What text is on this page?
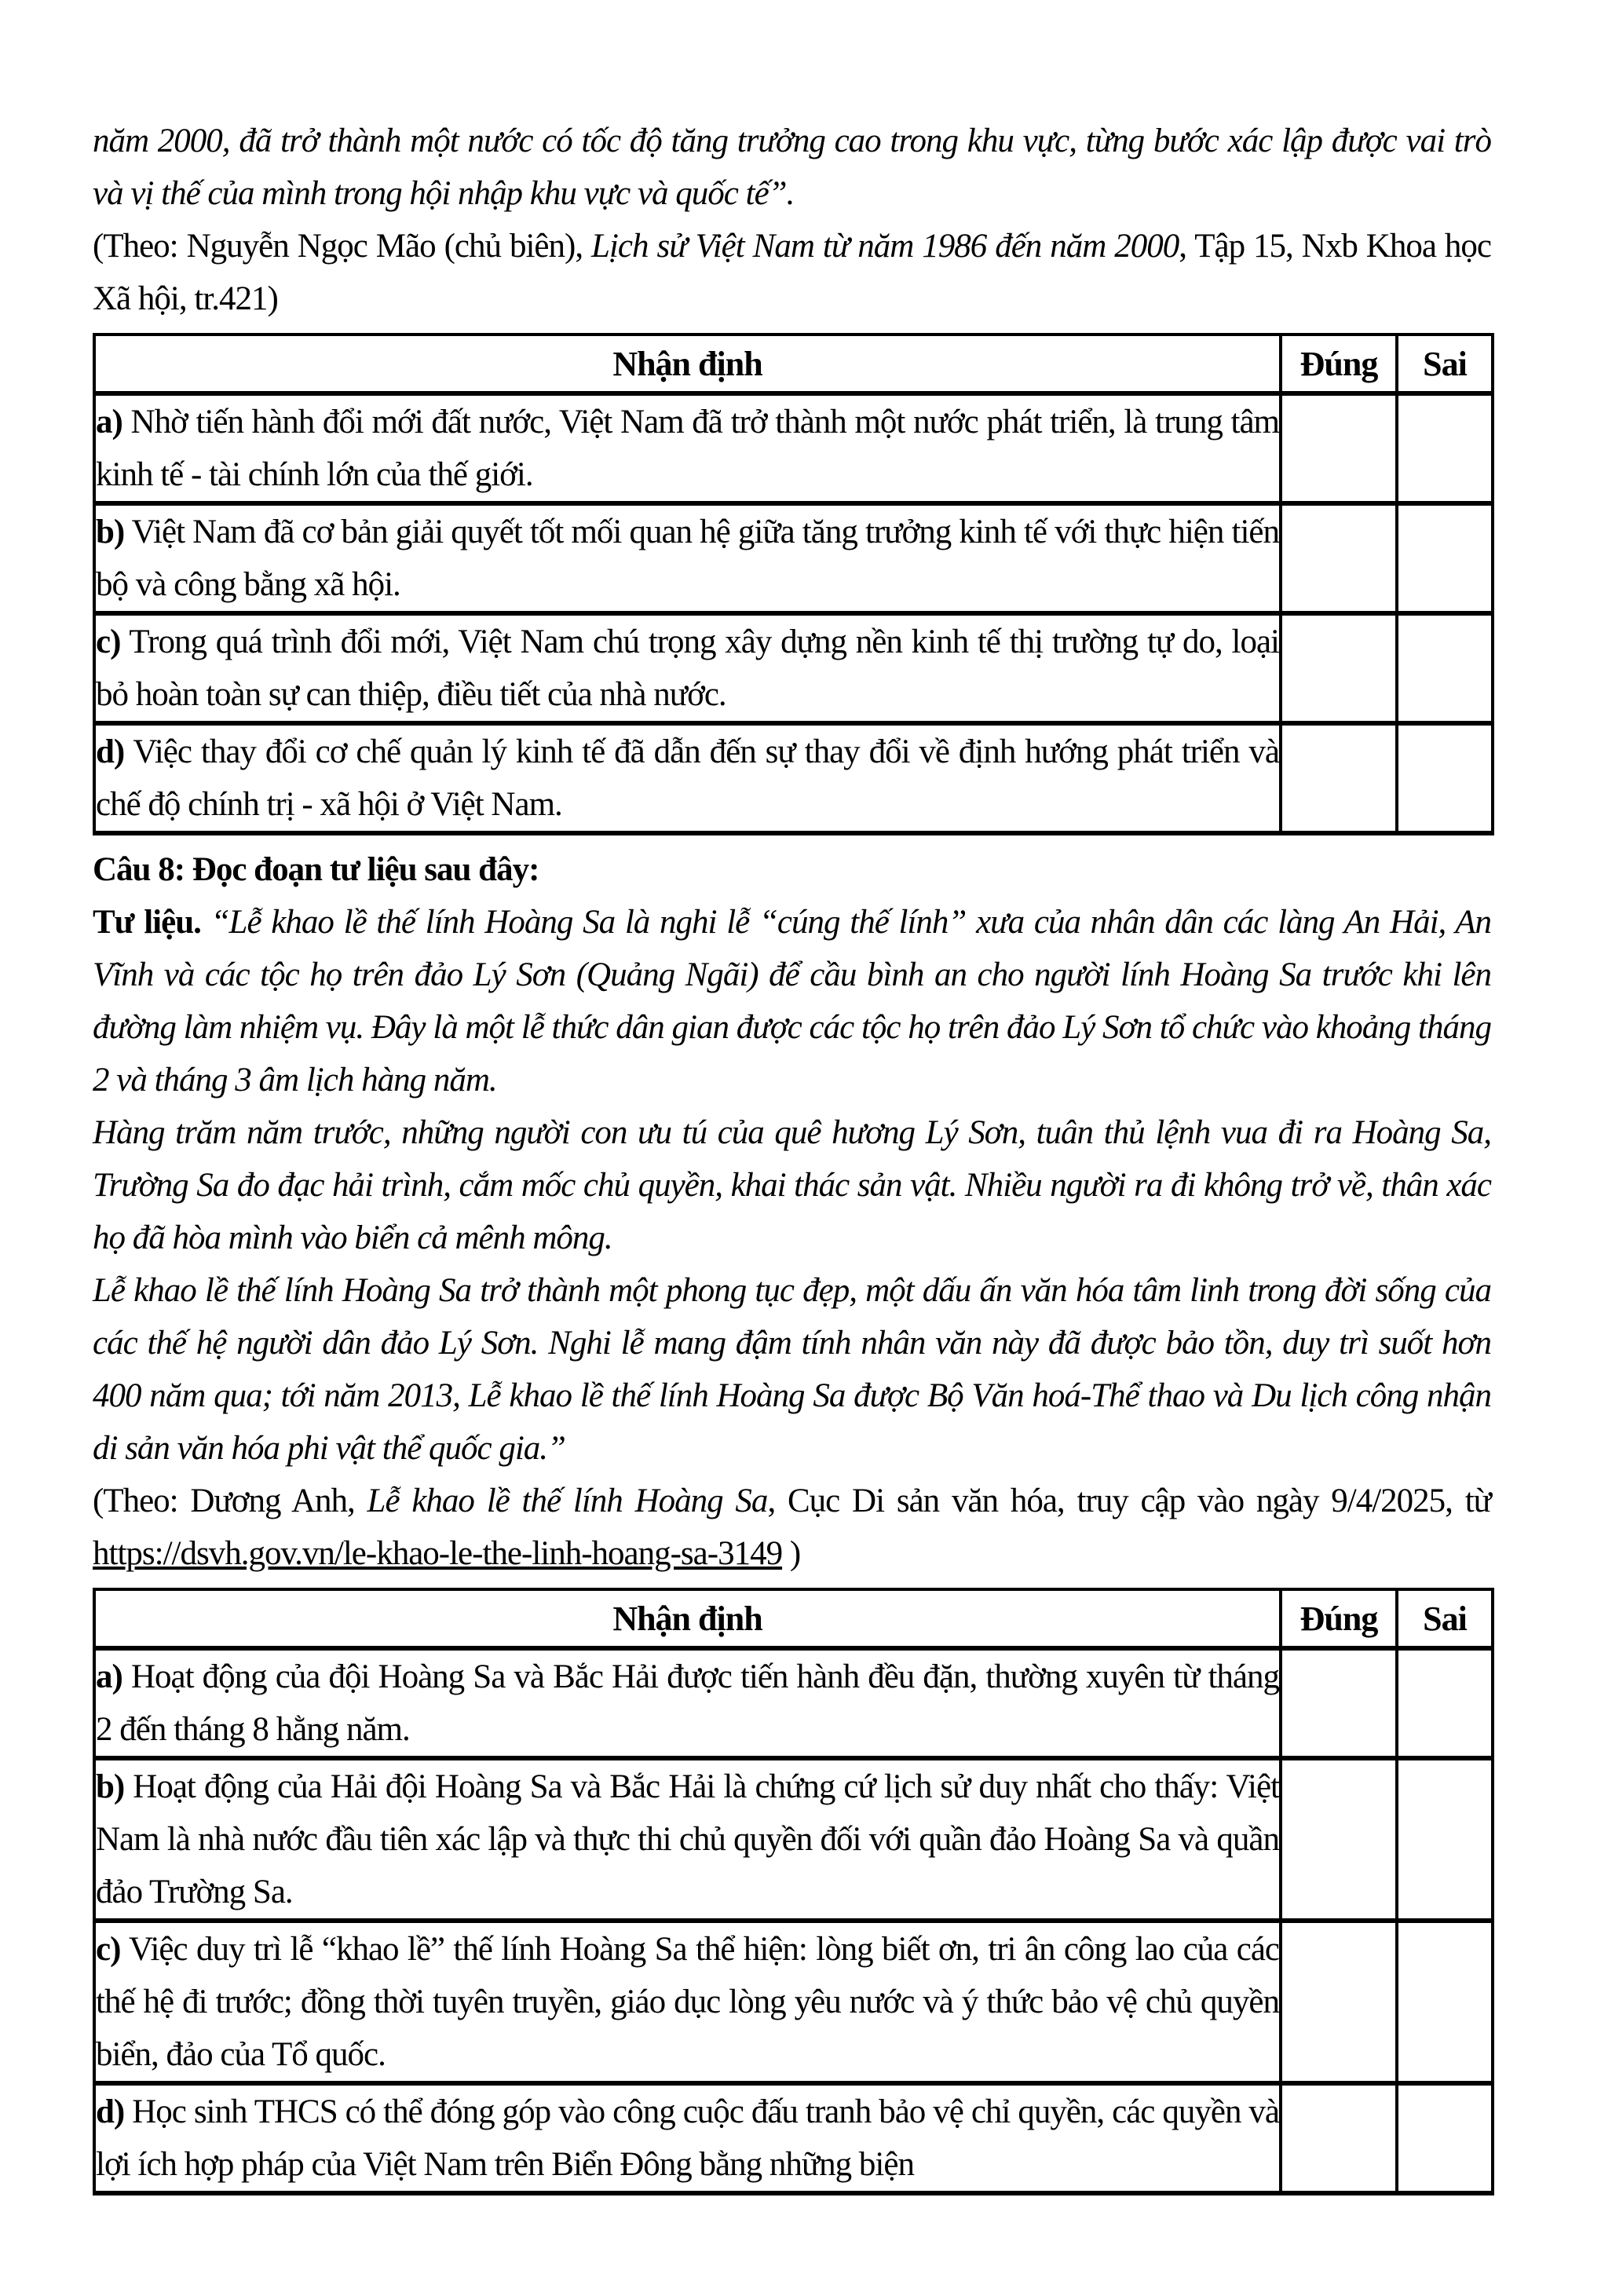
năm 2000, đã trở thành một nước có tốc độ tăng trưởng cao trong khu vực, từng bước xác lập được vai trò và vị thế của mình trong hội nhập khu vực và quốc tế”.

(Theo: Nguyễn Ngọc Mão (chủ biên), Lịch sử Việt Nam từ năm 1986 đến năm 2000, Tập 15, Nxb Khoa học Xã hội, tr.421)

Nhận định	Đúng	Sai
a) Nhờ tiến hành đổi mới đất nước, Việt Nam đã trở thành một nước phát triển, là trung tâm kinh tế - tài chính lớn của thế giới.		
b) Việt Nam đã cơ bản giải quyết tốt mối quan hệ giữa tăng trưởng kinh tế với thực hiện tiến bộ và công bằng xã hội.		
c) Trong quá trình đổi mới, Việt Nam chú trọng xây dựng nền kinh tế thị trường tự do, loại bỏ hoàn toàn sự can thiệp, điều tiết của nhà nước.		
d) Việc thay đổi cơ chế quản lý kinh tế đã dẫn đến sự thay đổi về định hướng phát triển và chế độ chính trị - xã hội ở Việt Nam.		

Câu 8: Đọc đoạn tư liệu sau đây:

Tư liệu. “Lễ khao lề thế lính Hoàng Sa là nghi lễ “cúng thế lính” xưa của nhân dân các làng An Hải, An Vĩnh và các tộc họ trên đảo Lý Sơn (Quảng Ngãi) để cầu bình an cho người lính Hoàng Sa trước khi lên đường làm nhiệm vụ. Đây là một lễ thức dân gian được các tộc họ trên đảo Lý Sơn tổ chức vào khoảng tháng 2 và tháng 3 âm lịch hàng năm.

Hàng trăm năm trước, những người con ưu tú của quê hương Lý Sơn, tuân thủ lệnh vua đi ra Hoàng Sa, Trường Sa đo đạc hải trình, cắm mốc chủ quyền, khai thác sản vật. Nhiều người ra đi không trở về, thân xác họ đã hòa mình vào biển cả mênh mông.

Lễ khao lề thế lính Hoàng Sa trở thành một phong tục đẹp, một dấu ấn văn hóa tâm linh trong đời sống của các thế hệ người dân đảo Lý Sơn. Nghi lễ mang đậm tính nhân văn này đã được bảo tồn, duy trì suốt hơn 400 năm qua; tới năm 2013, Lễ khao lề thế lính Hoàng Sa được Bộ Văn hoá-Thể thao và Du lịch công nhận di sản văn hóa phi vật thể quốc gia.”

(Theo: Dương Anh, Lễ khao lề thế lính Hoàng Sa, Cục Di sản văn hóa, truy cập vào ngày 9/4/2025, từ https://dsvh.gov.vn/le-khao-le-the-linh-hoang-sa-3149 )

Nhận định	Đúng	Sai
a) Hoạt động của đội Hoàng Sa và Bắc Hải được tiến hành đều đặn, thường xuyên từ tháng 2 đến tháng 8 hằng năm.		
b) Hoạt động của Hải đội Hoàng Sa và Bắc Hải là chứng cứ lịch sử duy nhất cho thấy: Việt Nam là nhà nước đầu tiên xác lập và thực thi chủ quyền đối với quần đảo Hoàng Sa và quần đảo Trường Sa.		
c) Việc duy trì lễ “khao lề” thế lính Hoàng Sa thể hiện: lòng biết ơn, tri ân công lao của các thế hệ đi trước; đồng thời tuyên truyền, giáo dục lòng yêu nước và ý thức bảo vệ chủ quyền biển, đảo của Tổ quốc.		
d) Học sinh THCS có thể đóng góp vào công cuộc đấu tranh bảo vệ chỉ quyền, các quyền và lợi ích hợp pháp của Việt Nam trên Biển Đông bằng những biện		
